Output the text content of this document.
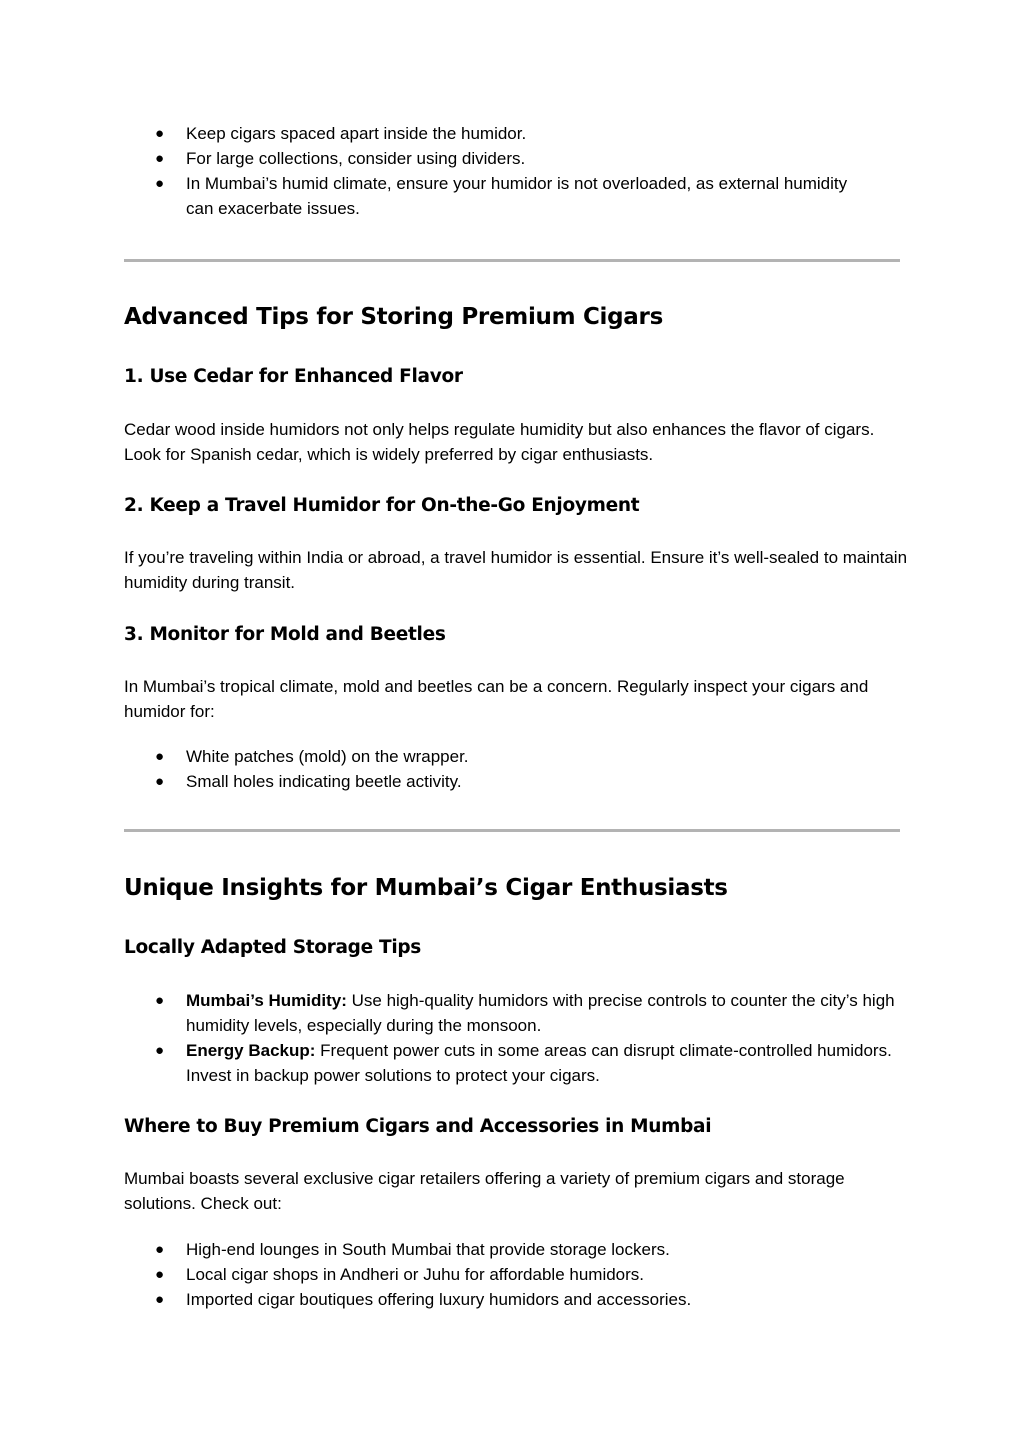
● Keep cigars spaced apart inside the humidor.
● For large collections, consider using dividers.
● In Mumbai’s humid climate, ensure your humidor is not overloaded, as external humidity can exacerbate issues.
Advanced Tips for Storing Premium Cigars
1. Use Cedar for Enhanced Flavor

Cedar wood inside humidors not only helps regulate humidity but also enhances the flavor of cigars. Look for Spanish cedar, which is widely preferred by cigar enthusiasts.

2. Keep a Travel Humidor for On-the-Go Enjoyment

If you’re traveling within India or abroad, a travel humidor is essential. Ensure it’s well-sealed to maintain humidity during transit.

3. Monitor for Mold and Beetles

In Mumbai’s tropical climate, mold and beetles can be a concern. Regularly inspect your cigars and humidor for:

● White patches (mold) on the wrapper.
● Small holes indicating beetle activity.
Unique Insights for Mumbai’s Cigar Enthusiasts
Locally Adapted Storage Tips
● Mumbai’s Humidity: Use high-quality humidors with precise controls to counter the city’s high humidity levels, especially during the monsoon.
● Energy Backup: Frequent power cuts in some areas can disrupt climate-controlled humidors. Invest in backup power solutions to protect your cigars.
Where to Buy Premium Cigars and Accessories in Mumbai

Mumbai boasts several exclusive cigar retailers offering a variety of premium cigars and storage solutions. Check out:

● High-end lounges in South Mumbai that provide storage lockers.
● Local cigar shops in Andheri or Juhu for affordable humidors.
● Imported cigar boutiques offering luxury humidors and accessories.
